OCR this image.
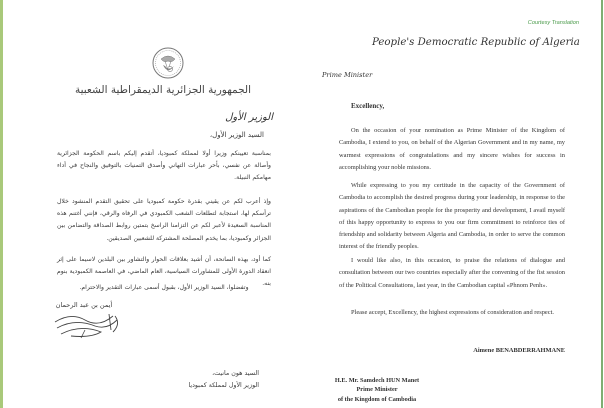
الجمهورية الجزائرية الديمقراطية الشعبية
الوزير الأول
السيد الوزير الأول،
بمناسبة تعيينكم وزيرا أولا لمملكة كمبوديا، أتقدم إليكم باسم الحكومة الجزائرية وأصالة عن نفسي، بأحر عبارات التهاني وأصدق التمنيات بالتوفيق والنجاح في أداء مهامكم النبيلة.
وإذ أعرب لكم عن يقيني بقدرة حكومة كمبوديا على تحقيق التقدم المنشود خلال ترأسكم لها، استجابة لتطلعات الشعب الكمبودي في الرفاه والرقي، فإنني أغتنم هذه المناسبة السعيدة لأعبر لكم عن التزامنا الراسخ بتمتين روابط الصداقة والتضامن بين الجزائر وكمبوديا، بما يخدم المصلحة المشتركة للشعبين الصديقين.
كما أود، بهذه السانحة، أن أشيد بعلاقات الحوار والتشاور بين البلدين لاسيما على إثر انعقاد الدورة الأولى للمشاورات السياسية، العام الماضي، في العاصمة الكمبودية بنوم بنه.
وتفضلوا، السيد الوزير الأول، بقبول أسمى عبارات التقدير والاحترام.
أيمن بن عبد الرحمان
السيد هون مانيت،
الوزير الأول لمملكة كمبوديا
Courtesy Translation
People's Democratic Republic of Algeria
Prime Minister
Excellency,
On the occasion of your nomination as Prime Minister of the Kingdom of Cambodia, I extend to you, on behalf of the Algerian Government and in my name, my warmest expressions of congratulations and my sincere wishes for success in accomplishing your noble missions.
While expressing to you my certitude in the capacity of the Government of Cambodia to accomplish the desired progress during your leadership, in response to the aspirations of the Cambodian people for the prosperity and development, I avail myself of this happy opportunity to express to you our firm commitment to reinforce ties of friendship and solidarity between Algeria and Cambodia, in order to serve the common interest of the friendly peoples.
I would like also, in this occasion, to praise the relations of dialogue and consultation between our two countries especially after the convening of the fist session of the Political Consultations, last year, in the Cambodian capital «Phnom Penh».
Please accept, Excellency, the highest expressions of consideration and respect.
Aimene BENABDERRAHMANE
H.E. Mr. Samdech HUN Manet
Prime Minister
of the Kingdom of Cambodia
